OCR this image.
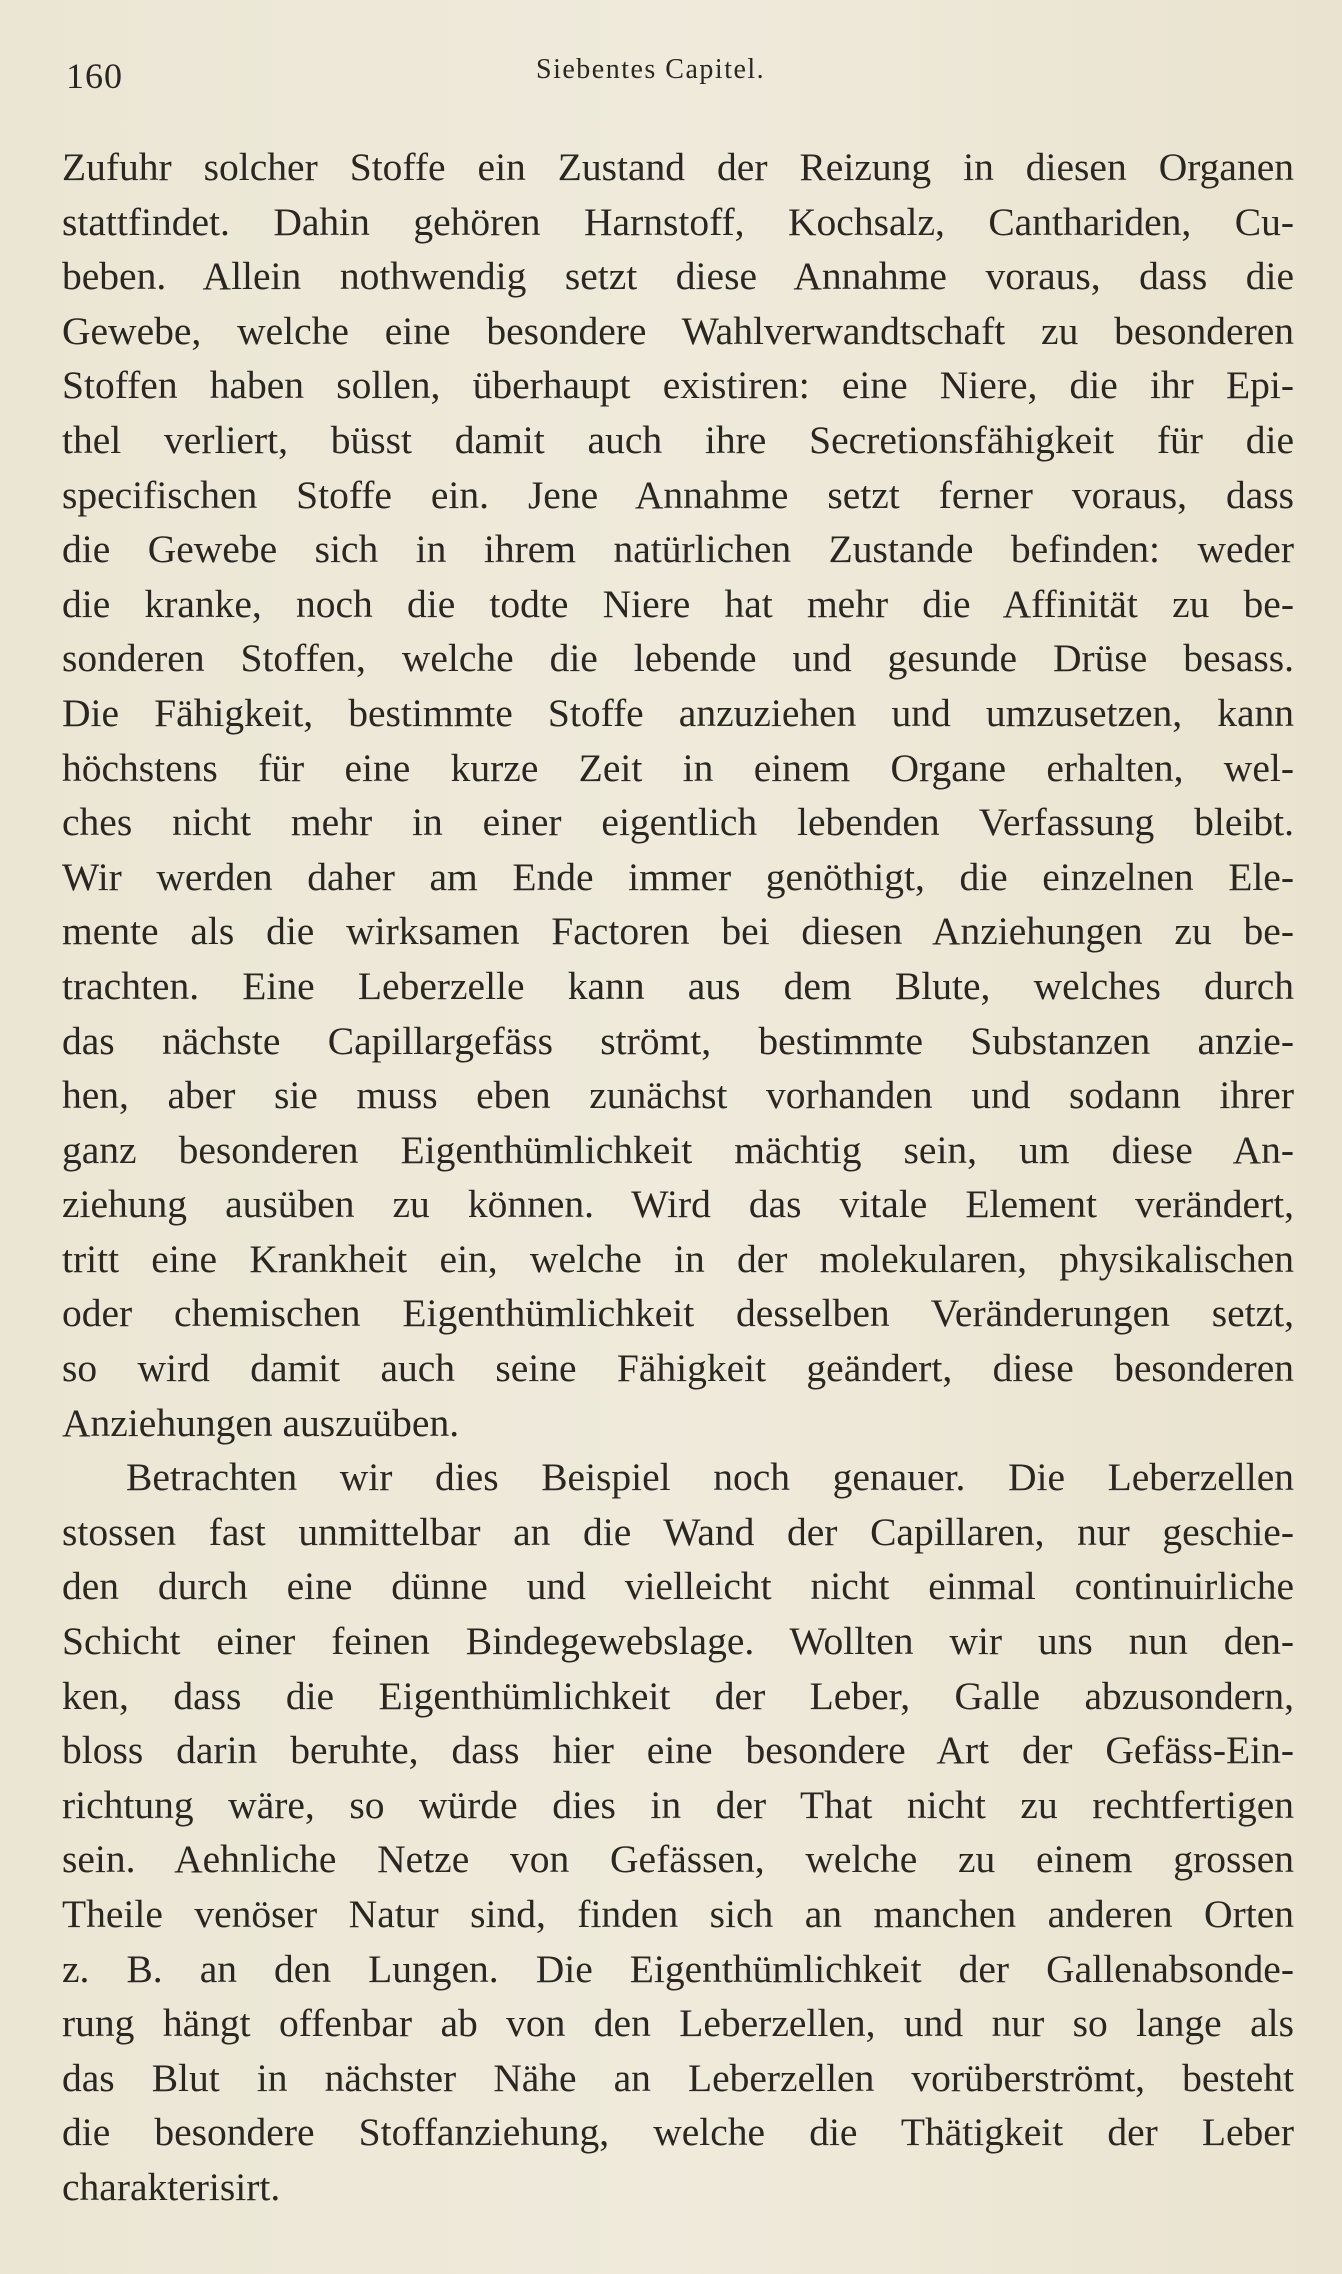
160	Siebentes Capitel.

Zufuhr solcher Stoffe ein Zustand der Reizung in diesen Organen
stattfindet. Dahin gehören Harnstoff, Kochsalz, Canthariden, Cu-
beben. Allein nothwendig setzt diese Annahme voraus, dass die
Gewebe, welche eine besondere Wahlverwandtschaft zu besonderen
Stoffen haben sollen, überhaupt existiren: eine Niere, die ihr Epi-
thel verliert, büsst damit auch ihre Secretionsfähigkeit für die
specifischen Stoffe ein. Jene Annahme setzt ferner voraus, dass
die Gewebe sich in ihrem natürlichen Zustande befinden: weder
die kranke, noch die todte Niere hat mehr die Affinität zu be-
sonderen Stoffen, welche die lebende und gesunde Drüse besass.
Die Fähigkeit, bestimmte Stoffe anzuziehen und umzusetzen, kann
höchstens für eine kurze Zeit in einem Organe erhalten, wel-
ches nicht mehr in einer eigentlich lebenden Verfassung bleibt.
Wir werden daher am Ende immer genöthigt, die einzelnen Ele-
mente als die wirksamen Factoren bei diesen Anziehungen zu be-
trachten. Eine Leberzelle kann aus dem Blute, welches durch
das nächste Capillargefäss strömt, bestimmte Substanzen anzie-
hen, aber sie muss eben zunächst vorhanden und sodann ihrer
ganz besonderen Eigenthümlichkeit mächtig sein, um diese An-
ziehung ausüben zu können. Wird das vitale Element verändert,
tritt eine Krankheit ein, welche in der molekularen, physikalischen
oder chemischen Eigenthümlichkeit desselben Veränderungen setzt,
so wird damit auch seine Fähigkeit geändert, diese besonderen
Anziehungen auszuüben.

Betrachten wir dies Beispiel noch genauer. Die Leberzellen
stossen fast unmittelbar an die Wand der Capillaren, nur geschie-
den durch eine dünne und vielleicht nicht einmal continuirliche
Schicht einer feinen Bindegewebslage. Wollten wir uns nun den-
ken, dass die Eigenthümlichkeit der Leber, Galle abzusondern,
bloss darin beruhte, dass hier eine besondere Art der Gefäss-Ein-
richtung wäre, so würde dies in der That nicht zu rechtfertigen
sein. Aehnliche Netze von Gefässen, welche zu einem grossen
Theile venöser Natur sind, finden sich an manchen anderen Orten
z. B. an den Lungen. Die Eigenthümlichkeit der Gallenabsonde-
rung hängt offenbar ab von den Leberzellen, und nur so lange als
das Blut in nächster Nähe an Leberzellen vorüberströmt, besteht
die besondere Stoffanziehung, welche die Thätigkeit der Leber
charakterisirt.
